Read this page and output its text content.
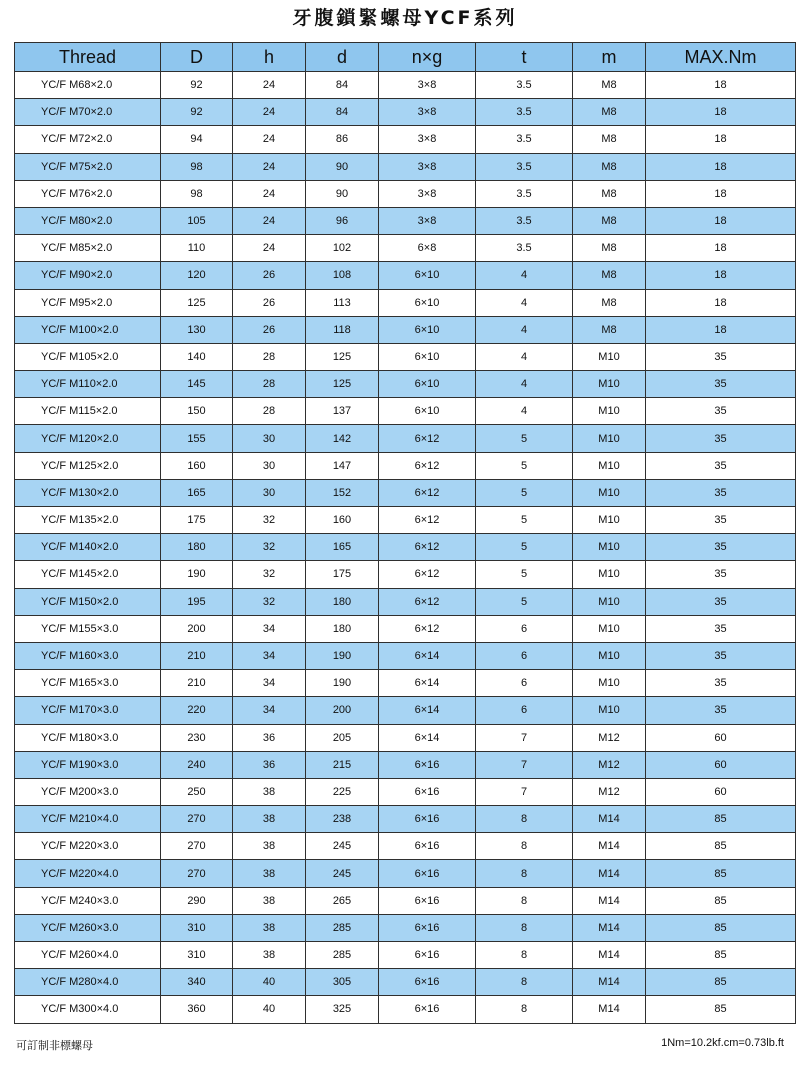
牙腹鎖緊螺母YCF系列
Thread	D	h	d	n×g	t	m	MAX.Nm
YC/F M68×2.0	92	24	84	3×8	3.5	M8	18
YC/F M70×2.0	92	24	84	3×8	3.5	M8	18
YC/F M72×2.0	94	24	86	3×8	3.5	M8	18
YC/F M75×2.0	98	24	90	3×8	3.5	M8	18
YC/F M76×2.0	98	24	90	3×8	3.5	M8	18
YC/F M80×2.0	105	24	96	3×8	3.5	M8	18
YC/F M85×2.0	110	24	102	6×8	3.5	M8	18
YC/F M90×2.0	120	26	108	6×10	4	M8	18
YC/F M95×2.0	125	26	113	6×10	4	M8	18
YC/F M100×2.0	130	26	118	6×10	4	M8	18
YC/F M105×2.0	140	28	125	6×10	4	M10	35
YC/F M110×2.0	145	28	125	6×10	4	M10	35
YC/F M115×2.0	150	28	137	6×10	4	M10	35
YC/F M120×2.0	155	30	142	6×12	5	M10	35
YC/F M125×2.0	160	30	147	6×12	5	M10	35
YC/F M130×2.0	165	30	152	6×12	5	M10	35
YC/F M135×2.0	175	32	160	6×12	5	M10	35
YC/F M140×2.0	180	32	165	6×12	5	M10	35
YC/F M145×2.0	190	32	175	6×12	5	M10	35
YC/F M150×2.0	195	32	180	6×12	5	M10	35
YC/F M155×3.0	200	34	180	6×12	6	M10	35
YC/F M160×3.0	210	34	190	6×14	6	M10	35
YC/F M165×3.0	210	34	190	6×14	6	M10	35
YC/F M170×3.0	220	34	200	6×14	6	M10	35
YC/F M180×3.0	230	36	205	6×14	7	M12	60
YC/F M190×3.0	240	36	215	6×16	7	M12	60
YC/F M200×3.0	250	38	225	6×16	7	M12	60
YC/F M210×4.0	270	38	238	6×16	8	M14	85
YC/F M220×3.0	270	38	245	6×16	8	M14	85
YC/F M220×4.0	270	38	245	6×16	8	M14	85
YC/F M240×3.0	290	38	265	6×16	8	M14	85
YC/F M260×3.0	310	38	285	6×16	8	M14	85
YC/F M260×4.0	310	38	285	6×16	8	M14	85
YC/F M280×4.0	340	40	305	6×16	8	M14	85
YC/F M300×4.0	360	40	325	6×16	8	M14	85
可訂制非標螺母	1Nm=10.2kf.cm=0.73lb.ft
